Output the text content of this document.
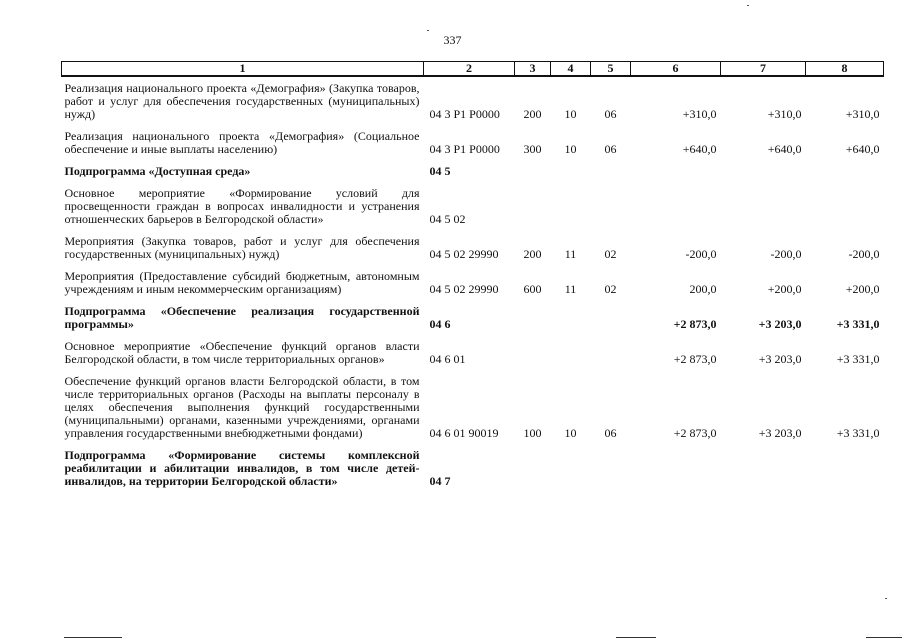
337
1	2	3	4	5	6	7	8
Реализация национального проекта «Демография» (Закупка товаров, работ и услуг для обеспечения государственных (муниципальных) нужд)	04 3 Р1 Р0000	200	10	06	+310,0	+310,0	+310,0
Реализация национального проекта «Демография» (Социальное обеспечение и иные выплаты населению)	04 3 Р1 Р0000	300	10	06	+640,0	+640,0	+640,0
Подпрограмма «Доступная среда»	04 5						
Основное мероприятие «Формирование условий для просвещенности граждан в вопросах инвалидности и устранения отношенческих барьеров в Белгородской области»	04 5 02						
Мероприятия (Закупка товаров, работ и услуг для обеспечения государственных (муниципальных) нужд)	04 5 02 29990	200	11	02	-200,0	-200,0	-200,0
Мероприятия (Предоставление субсидий бюджетным, автономным учреждениям и иным некоммерческим организациям)	04 5 02 29990	600	11	02	200,0	+200,0	+200,0
Подпрограмма «Обеспечение реализация государственной программы»	04 6				+2 873,0	+3 203,0	+3 331,0
Основное мероприятие «Обеспечение функций органов власти Белгородской области, в том числе территориальных органов»	04 6 01				+2 873,0	+3 203,0	+3 331,0
Обеспечение функций органов власти Белгородской области, в том числе территориальных органов (Расходы на выплаты персоналу в целях обеспечения выполнения функций государственными (муниципальными) органами, казенными учреждениями, органами управления государственными внебюджетными фондами)	04 6 01 90019	100	10	06	+2 873,0	+3 203,0	+3 331,0
Подпрограмма «Формирование системы комплексной реабилитации и абилитации инвалидов, в том числе детей-инвалидов, на территории Белгородской области»	04 7						
